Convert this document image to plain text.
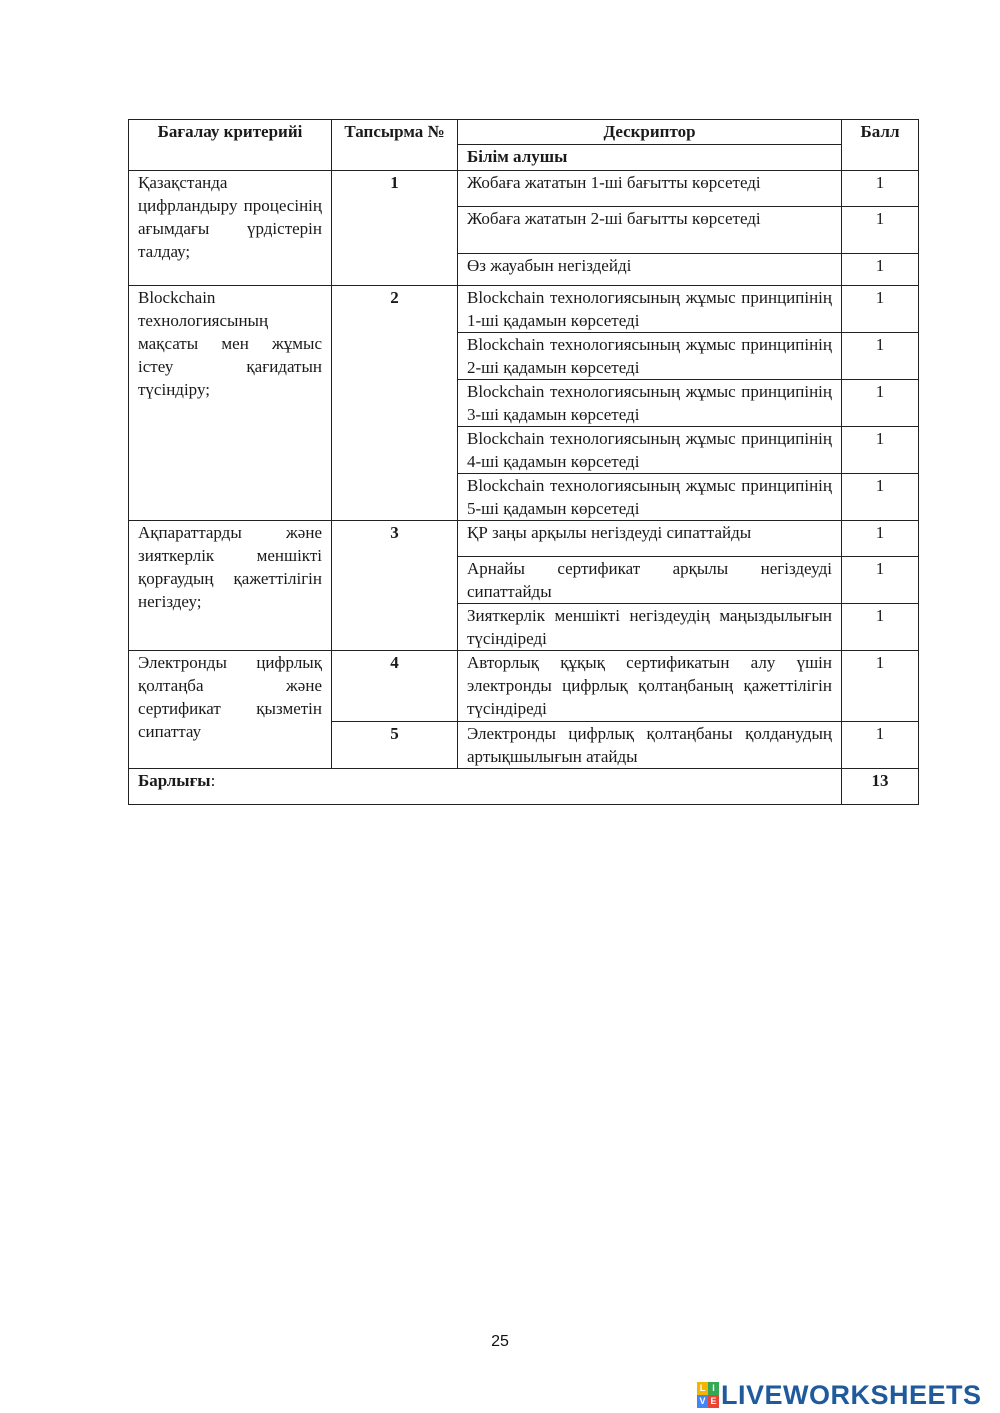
Бағалау критерийі	Тапсырма №	Дескриптор	Балл
		Білім алушы	
Қазақстанда цифрландыру процесінің ағымдағы үрдістерін талдау;	1	Жобаға жататын 1-ші бағытты көрсетеді	1
		Жобаға жататын 2-ші бағытты көрсетеді	1
		Өз жауабын негіздейді	1
Blockchain технологиясының мақсаты мен жұмыс істеу қағидатын түсіндіру;	2	Blockchain технологиясының жұмыс принципінің 1-ші қадамын көрсетеді	1
		Blockchain технологиясының жұмыс принципінің 2-ші қадамын көрсетеді	1
		Blockchain технологиясының жұмыс принципінің 3-ші қадамын көрсетеді	1
		Blockchain технологиясының жұмыс принципінің 4-ші қадамын көрсетеді	1
		Blockchain технологиясының жұмыс принципінің 5-ші қадамын көрсетеді	1
Ақпараттарды және зияткерлік меншікті қорғаудың қажеттілігін негіздеу;	3	ҚР заңы арқылы негіздеуді сипаттайды	1
		Арнайы сертификат арқылы негіздеуді сипаттайды	1
		Зияткерлік меншікті негіздеудің маңыздылығын түсіндіреді	1
Электронды цифрлық қолтаңба және сертификат қызметін сипаттау	4	Авторлық құқық сертификатын алу үшін электронды цифрлық қолтаңбаның қажеттілігін түсіндіреді	1
	5	Электронды цифрлық қолтаңбаны қолданудың артықшылығын атайды	1
Барлығы:			13
25
L I
V E LIVEWORKSHEETS
